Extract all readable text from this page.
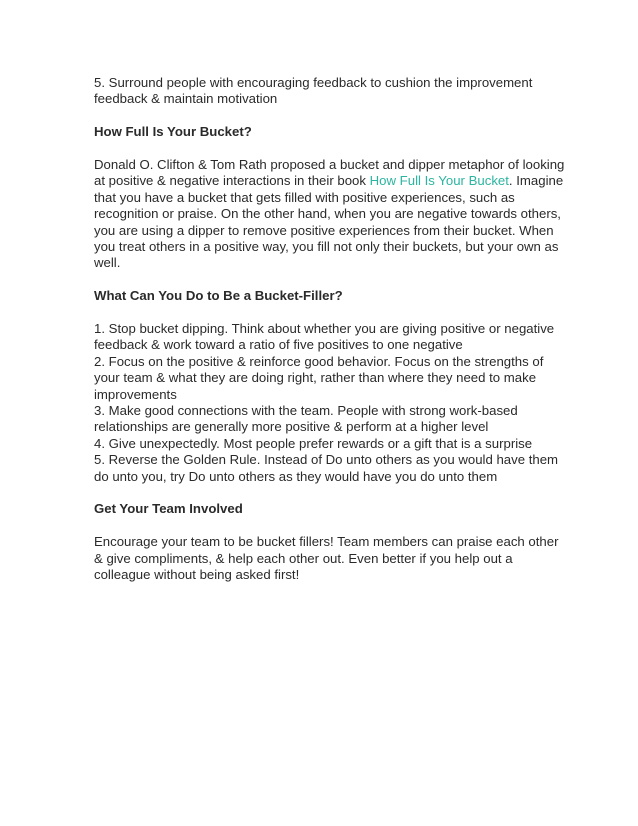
5. Surround people with encouraging feedback to cushion the improvement
feedback & maintain motivation

How Full Is Your Bucket?

Donald O. Clifton & Tom Rath proposed a bucket and dipper metaphor of looking
at positive & negative interactions in their book How Full Is Your Bucket. Imagine
that you have a bucket that gets filled with positive experiences, such as
recognition or praise. On the other hand, when you are negative towards others,
you are using a dipper to remove positive experiences from their bucket. When
you treat others in a positive way, you fill not only their buckets, but your own as
well.

What Can You Do to Be a Bucket-Filler?

1. Stop bucket dipping. Think about whether you are giving positive or negative
feedback & work toward a ratio of five positives to one negative
2. Focus on the positive & reinforce good behavior. Focus on the strengths of
your team & what they are doing right, rather than where they need to make
improvements
3. Make good connections with the team. People with strong work-based
relationships are generally more positive & perform at a higher level
4. Give unexpectedly. Most people prefer rewards or a gift that is a surprise
5. Reverse the Golden Rule. Instead of Do unto others as you would have them
do unto you, try Do unto others as they would have you do unto them

Get Your Team Involved

Encourage your team to be bucket fillers! Team members can praise each other
& give compliments, & help each other out. Even better if you help out a
colleague without being asked first!
